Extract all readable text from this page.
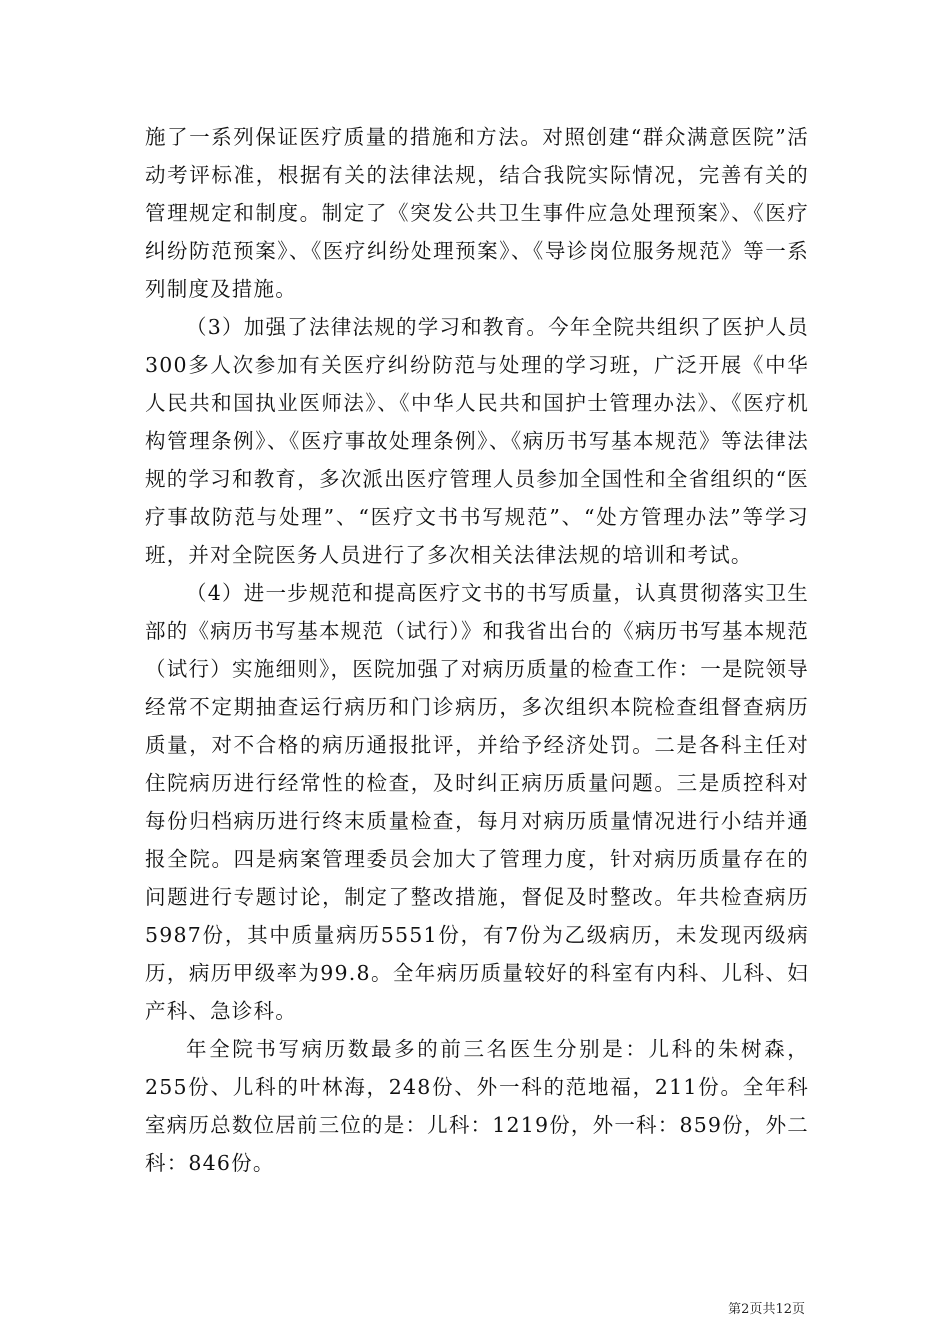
施了一系列保证医疗质量的措施和方法。对照创建“群众满意医院”活动考评标准，根据有关的法律法规，结合我院实际情况，完善有关的管理规定和制度。制定了《突发公共卫生事件应急处理预案》、《医疗纠纷防范预案》、《医疗纠纷处理预案》、《导诊岗位服务规范》等一系列制度及措施。

（3）加强了法律法规的学习和教育。今年全院共组织了医护人员300多人次参加有关医疗纠纷防范与处理的学习班，广泛开展《中华人民共和国执业医师法》、《中华人民共和国护士管理办法》、《医疗机构管理条例》、《医疗事故处理条例》、《病历书写基本规范》等法律法规的学习和教育，多次派出医疗管理人员参加全国性和全省组织的“医疗事故防范与处理”、“医疗文书书写规范”、“处方管理办法”等学习班，并对全院医务人员进行了多次相关法律法规的培训和考试。

（4）进一步规范和提高医疗文书的书写质量，认真贯彻落实卫生部的《病历书写基本规范（试行）》和我省出台的《病历书写基本规范（试行）实施细则》，医院加强了对病历质量的检查工作：一是院领导经常不定期抽查运行病历和门诊病历，多次组织本院检查组督查病历质量，对不合格的病历通报批评，并给予经济处罚。二是各科主任对住院病历进行经常性的检查，及时纠正病历质量问题。三是质控科对每份归档病历进行终末质量检查，每月对病历质量情况进行小结并通报全院。四是病案管理委员会加大了管理力度，针对病历质量存在的问题进行专题讨论，制定了整改措施，督促及时整改。年共检查病历5987份，其中质量病历5551份，有7份为乙级病历，未发现丙级病历，病历甲级率为99.8。全年病历质量较好的科室有内科、儿科、妇产科、急诊科。

年全院书写病历数最多的前三名医生分别是：儿科的朱树森，255份、儿科的叶林海，248份、外一科的范地福，211份。全年科室病历总数位居前三位的是：儿科：1219份，外一科：859份，外二科：846份。

第2页共12页
